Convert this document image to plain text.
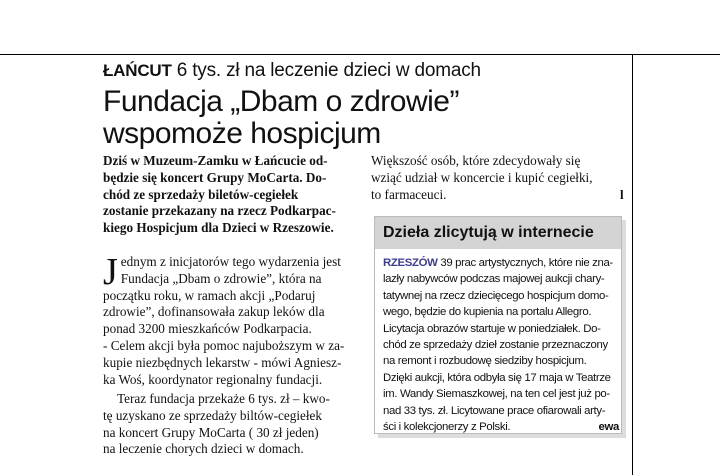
ŁAŃCUT 6 tys. zł na leczenie dzieci w domach
Fundacja „Dbam o zdrowie”
wspomoże hospicjum
Dziś w Muzeum-Zamku w Łańcucie od-
będzie się koncert Grupy MoCarta. Do-
chód ze sprzedaży biletów-cegiełek
zostanie przekazany na rzecz Podkarpac-
kiego Hospicjum dla Dzieci w Rzeszowie.
J ednym z inicjatorów tego wydarzenia jest
Fundacja „Dbam o zdrowie”, która na
początku roku, w ramach akcji „Podaruj
zdrowie”, dofinansowała zakup leków dla
ponad 3200 mieszkańców Podkarpacia.
- Celem akcji była pomoc najuboższym w za-
kupie niezbędnych lekarstw - mówi Agniesz-
ka Woś, koordynator regionalny fundacji.
Teraz fundacja przekaże 6 tys. zł – kwo-
tę uzyskano ze sprzedaży biltów-cegiełek
na koncert Grupy MoCarta ( 30 zł jeden)
na leczenie chorych dzieci w domach.
Większość osób, które zdecydowały się
wziąć udział w koncercie i kupić cegiełki,
to farmaceuci.	l
Dzieła zlicytują w internecie
RZESZÓW 39 prac artystycznych, które nie zna-
lazły nabywców podczas majowej aukcji chary-
tatywnej na rzecz dziecięcego hospicjum domo-
wego, będzie do kupienia na portalu Allegro.
Licytacja obrazów startuje w poniedziałek. Do-
chód ze sprzedaży dzieł zostanie przeznaczony
na remont i rozbudowę siedziby hospicjum.
Dzięki aukcji, która odbyła się 17 maja w Teatrze
im. Wandy Siemaszkowej, na ten cel jest już po-
nad 33 tys. zł. Licytowane prace ofiarowali arty-
ści i kolekcjonerzy z Polski.	ewa
